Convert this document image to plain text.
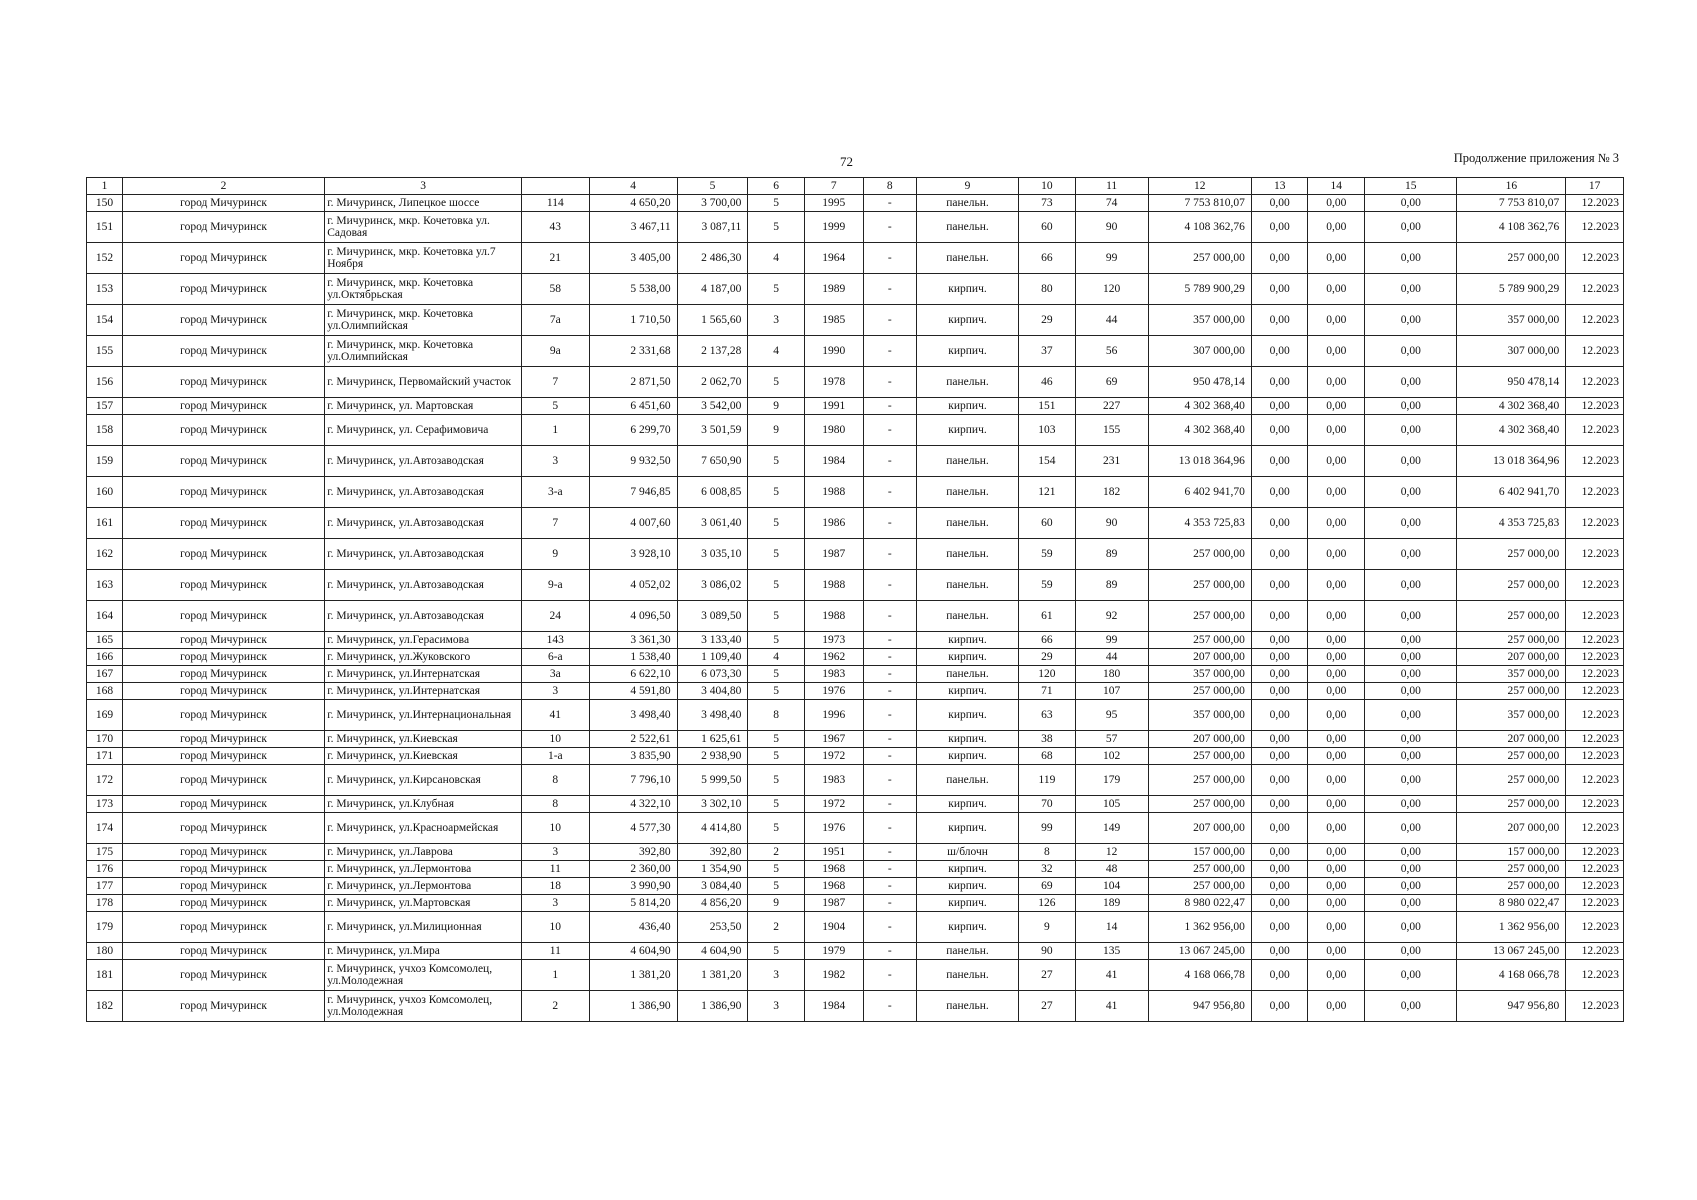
72	Продолжение приложения № 3
1	2	3		4	5	6	7	8	9	10	11	12	13	14	15	16	17
150	город Мичуринск	г. Мичуринск, Липецкое шоссе	114	4 650,20	3 700,00	5	1995	-	панельн.	73	74	7 753 810,07	0,00	0,00	0,00	7 753 810,07	12.2023
151	город Мичуринск	г. Мичуринск, мкр. Кочетовка ул. Садовая	43	3 467,11	3 087,11	5	1999	-	панельн.	60	90	4 108 362,76	0,00	0,00	0,00	4 108 362,76	12.2023
152	город Мичуринск	г. Мичуринск, мкр. Кочетовка ул.7 Ноября	21	3 405,00	2 486,30	4	1964	-	панельн.	66	99	257 000,00	0,00	0,00	0,00	257 000,00	12.2023
153	город Мичуринск	г. Мичуринск, мкр. Кочетовка ул.Октябрьская	58	5 538,00	4 187,00	5	1989	-	кирпич.	80	120	5 789 900,29	0,00	0,00	0,00	5 789 900,29	12.2023
154	город Мичуринск	г. Мичуринск, мкр. Кочетовка ул.Олимпийская	7а	1 710,50	1 565,60	3	1985	-	кирпич.	29	44	357 000,00	0,00	0,00	0,00	357 000,00	12.2023
155	город Мичуринск	г. Мичуринск, мкр. Кочетовка ул.Олимпийская	9а	2 331,68	2 137,28	4	1990	-	кирпич.	37	56	307 000,00	0,00	0,00	0,00	307 000,00	12.2023
156	город Мичуринск	г. Мичуринск, Первомайский участок	7	2 871,50	2 062,70	5	1978	-	панельн.	46	69	950 478,14	0,00	0,00	0,00	950 478,14	12.2023
157	город Мичуринск	г. Мичуринск, ул. Мартовская	5	6 451,60	3 542,00	9	1991	-	кирпич.	151	227	4 302 368,40	0,00	0,00	0,00	4 302 368,40	12.2023
158	город Мичуринск	г. Мичуринск, ул. Серафимовича	1	6 299,70	3 501,59	9	1980	-	кирпич.	103	155	4 302 368,40	0,00	0,00	0,00	4 302 368,40	12.2023
159	город Мичуринск	г. Мичуринск, ул.Автозаводская	3	9 932,50	7 650,90	5	1984	-	панельн.	154	231	13 018 364,96	0,00	0,00	0,00	13 018 364,96	12.2023
160	город Мичуринск	г. Мичуринск, ул.Автозаводская	3-а	7 946,85	6 008,85	5	1988	-	панельн.	121	182	6 402 941,70	0,00	0,00	0,00	6 402 941,70	12.2023
161	город Мичуринск	г. Мичуринск, ул.Автозаводская	7	4 007,60	3 061,40	5	1986	-	панельн.	60	90	4 353 725,83	0,00	0,00	0,00	4 353 725,83	12.2023
162	город Мичуринск	г. Мичуринск, ул.Автозаводская	9	3 928,10	3 035,10	5	1987	-	панельн.	59	89	257 000,00	0,00	0,00	0,00	257 000,00	12.2023
163	город Мичуринск	г. Мичуринск, ул.Автозаводская	9-а	4 052,02	3 086,02	5	1988	-	панельн.	59	89	257 000,00	0,00	0,00	0,00	257 000,00	12.2023
164	город Мичуринск	г. Мичуринск, ул.Автозаводская	24	4 096,50	3 089,50	5	1988	-	панельн.	61	92	257 000,00	0,00	0,00	0,00	257 000,00	12.2023
165	город Мичуринск	г. Мичуринск, ул.Герасимова	143	3 361,30	3 133,40	5	1973	-	кирпич.	66	99	257 000,00	0,00	0,00	0,00	257 000,00	12.2023
166	город Мичуринск	г. Мичуринск, ул.Жуковского	6-а	1 538,40	1 109,40	4	1962	-	кирпич.	29	44	207 000,00	0,00	0,00	0,00	207 000,00	12.2023
167	город Мичуринск	г. Мичуринск, ул.Интернатская	3а	6 622,10	6 073,30	5	1983	-	панельн.	120	180	357 000,00	0,00	0,00	0,00	357 000,00	12.2023
168	город Мичуринск	г. Мичуринск, ул.Интернатская	3	4 591,80	3 404,80	5	1976	-	кирпич.	71	107	257 000,00	0,00	0,00	0,00	257 000,00	12.2023
169	город Мичуринск	г. Мичуринск, ул.Интернациональная	41	3 498,40	3 498,40	8	1996	-	кирпич.	63	95	357 000,00	0,00	0,00	0,00	357 000,00	12.2023
170	город Мичуринск	г. Мичуринск, ул.Киевская	10	2 522,61	1 625,61	5	1967	-	кирпич.	38	57	207 000,00	0,00	0,00	0,00	207 000,00	12.2023
171	город Мичуринск	г. Мичуринск, ул.Киевская	1-а	3 835,90	2 938,90	5	1972	-	кирпич.	68	102	257 000,00	0,00	0,00	0,00	257 000,00	12.2023
172	город Мичуринск	г. Мичуринск, ул.Кирсановская	8	7 796,10	5 999,50	5	1983	-	панельн.	119	179	257 000,00	0,00	0,00	0,00	257 000,00	12.2023
173	город Мичуринск	г. Мичуринск, ул.Клубная	8	4 322,10	3 302,10	5	1972	-	кирпич.	70	105	257 000,00	0,00	0,00	0,00	257 000,00	12.2023
174	город Мичуринск	г. Мичуринск, ул.Красноармейская	10	4 577,30	4 414,80	5	1976	-	кирпич.	99	149	207 000,00	0,00	0,00	0,00	207 000,00	12.2023
175	город Мичуринск	г. Мичуринск, ул.Лаврова	3	392,80	392,80	2	1951	-	ш/блочн	8	12	157 000,00	0,00	0,00	0,00	157 000,00	12.2023
176	город Мичуринск	г. Мичуринск, ул.Лермонтова	11	2 360,00	1 354,90	5	1968	-	кирпич.	32	48	257 000,00	0,00	0,00	0,00	257 000,00	12.2023
177	город Мичуринск	г. Мичуринск, ул.Лермонтова	18	3 990,90	3 084,40	5	1968	-	кирпич.	69	104	257 000,00	0,00	0,00	0,00	257 000,00	12.2023
178	город Мичуринск	г. Мичуринск, ул.Мартовская	3	5 814,20	4 856,20	9	1987	-	кирпич.	126	189	8 980 022,47	0,00	0,00	0,00	8 980 022,47	12.2023
179	город Мичуринск	г. Мичуринск, ул.Милиционная	10	436,40	253,50	2	1904	-	кирпич.	9	14	1 362 956,00	0,00	0,00	0,00	1 362 956,00	12.2023
180	город Мичуринск	г. Мичуринск, ул.Мира	11	4 604,90	4 604,90	5	1979	-	панельн.	90	135	13 067 245,00	0,00	0,00	0,00	13 067 245,00	12.2023
181	город Мичуринск	г. Мичуринск, учхоз Комсомолец, ул.Молодежная	1	1 381,20	1 381,20	3	1982	-	панельн.	27	41	4 168 066,78	0,00	0,00	0,00	4 168 066,78	12.2023
182	город Мичуринск	г. Мичуринск, учхоз Комсомолец, ул.Молодежная	2	1 386,90	1 386,90	3	1984	-	панельн.	27	41	947 956,80	0,00	0,00	0,00	947 956,80	12.2023
